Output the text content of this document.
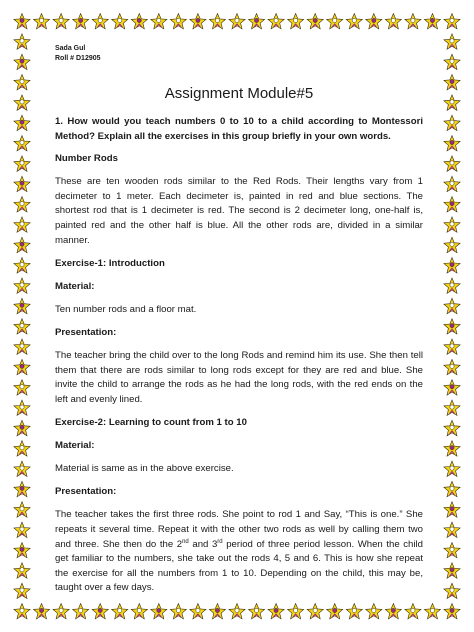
Sada Gul
Roll # D12905
Assignment Module#5
1. How would you teach numbers 0 to 10 to a child according to Montessori Method? Explain all the exercises in this group briefly in your own words.
Number Rods
These are ten wooden rods similar to the Red Rods. Their lengths vary from 1 decimeter to 1 meter. Each decimeter is, painted in red and blue sections. The shortest rod that is 1 decimeter is red. The second is 2 decimeter long, one-half is, painted red and the other half is blue. All the other rods are, divided in a similar manner.
Exercise-1: Introduction
Material:
Ten number rods and a floor mat.
Presentation:
The teacher bring the child over to the long Rods and remind him its use. She then tell them that there are rods similar to long rods except for they are red and blue. She invite the child to arrange the rods as he had the long rods, with the red ends on the left and evenly lined.
Exercise-2: Learning to count from 1 to 10
Material:
Material is same as in the above exercise.
Presentation:
The teacher takes the first three rods. She point to rod 1 and Say, “This is one.” She repeats it several time. Repeat it with the other two rods as well by calling them two and three. She then do the 2nd and 3rd period of three period lesson. When the child get familiar to the numbers, she take out the rods 4, 5 and 6. This is how she repeat the exercise for all the numbers from 1 to 10. Depending on the child, this may be, taught over a few days.
